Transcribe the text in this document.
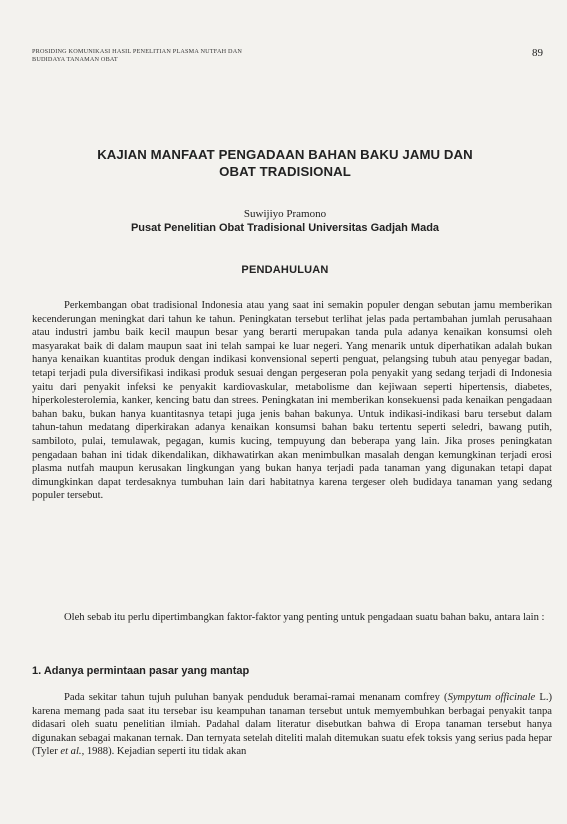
PROSIDING KOMUNIKASI HASIL PENELITIAN PLASMA NUTFAH DAN
BUDIDAYA TANAMAN OBAT
89
KAJIAN MANFAAT PENGADAAN BAHAN BAKU JAMU DAN
OBAT TRADISIONAL
Suwijiyo Pramono
Pusat Penelitian Obat Tradisional Universitas Gadjah Mada
PENDAHULUAN

Perkembangan obat tradisional Indonesia atau yang saat ini semakin populer dengan sebutan jamu memberikan kecenderungan meningkat dari tahun ke tahun. Peningkatan tersebut terlihat jelas pada pertambahan jumlah perusahaan atau industri jambu baik kecil maupun besar yang berarti merupakan tanda pula adanya kenaikan konsumsi oleh masyarakat baik di dalam maupun saat ini telah sampai ke luar negeri. Yang menarik untuk diperhatikan adalah bukan hanya kenaikan kuantitas produk dengan indikasi konvensional seperti penguat, pelangsing tubuh atau penyegar badan, tetapi terjadi pula diversifikasi indikasi produk sesuai dengan pergeseran pola penyakit yang sedang terjadi di Indonesia yaitu dari penyakit infeksi ke penyakit kardiovaskular, metabolisme dan kejiwaan seperti hipertensis, diabetes, hiperkolesterolemia, kanker, kencing batu dan strees. Peningkatan ini memberikan konsekuensi pada kenaikan pengadaan bahan baku, bukan hanya kuantitasnya tetapi juga jenis bahan bakunya. Untuk indikasi-indikasi baru tersebut dalam tahun-tahun medatang diperkirakan adanya kenaikan konsumsi bahan baku tertentu seperti seledri, bawang putih, sambiloto, pulai, temulawak, pegagan, kumis kucing, tempuyung dan beberapa yang lain. Jika proses peningkatan pengadaan bahan ini tidak dikendalikan, dikhawatirkan akan menimbulkan masalah dengan kemungkinan terjadi erosi plasma nutfah maupun kerusakan lingkungan yang bukan hanya terjadi pada tanaman yang digunakan tetapi dapat dimungkinkan dapat terdesaknya tumbuhan lain dari habitatnya karena tergeser oleh budidaya tanaman yang sedang populer tersebut.

Oleh sebab itu perlu dipertimbangkan faktor-faktor yang penting untuk pengadaan suatu bahan baku, antara lain :

1. Adanya permintaan pasar yang mantap

Pada sekitar tahun tujuh puluhan banyak penduduk beramai-ramai menanam comfrey (Sympytum officinale L.) karena memang pada saat itu tersebar isu keampuhan tanaman tersebut untuk memyembuhkan berbagai penyakit tanpa didasari oleh suatu penelitian ilmiah. Padahal dalam literatur disebutkan bahwa di Eropa tanaman tersebut hanya digunakan sebagai makanan ternak. Dan ternyata setelah diteliti malah ditemukan suatu efek toksis yang serius pada hepar (Tyler et al., 1988). Kejadian seperti itu tidak akan
